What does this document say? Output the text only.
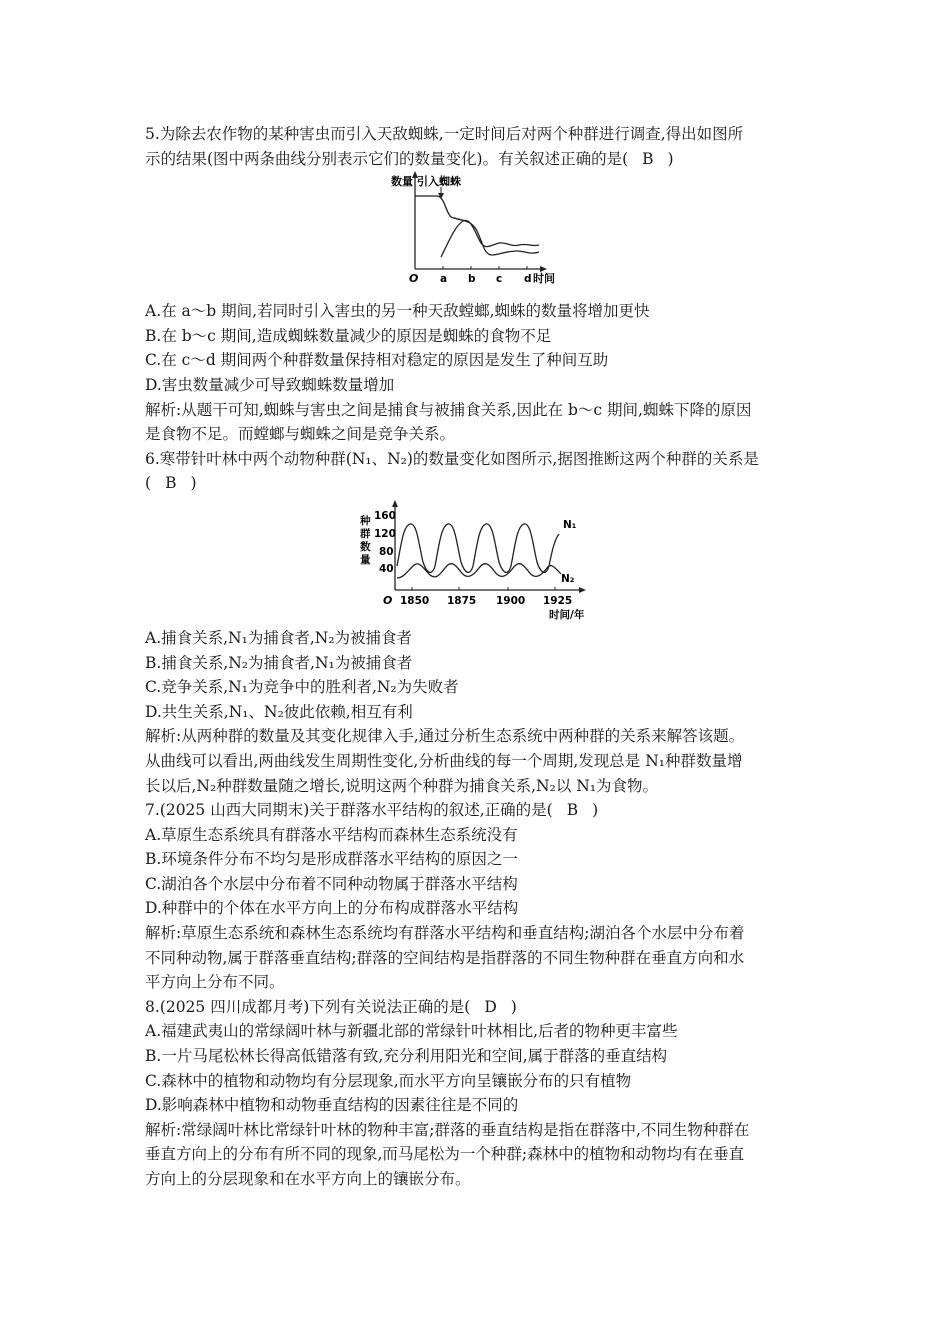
5.为除去农作物的某种害虫而引入天敌蜘蛛,一定时间后对两个种群进行调查,得出如图所
示的结果(图中两条曲线分别表示它们的数量变化)。有关叙述正确的是( B )
数量 引入蜘蛛
O a b c d 时间
A.在 a～b 期间,若同时引入害虫的另一种天敌螳螂,蜘蛛的数量将增加更快
B.在 b～c 期间,造成蜘蛛数量减少的原因是蜘蛛的食物不足
C.在 c～d 期间两个种群数量保持相对稳定的原因是发生了种间互助
D.害虫数量减少可导致蜘蛛数量增加
解析:从题干可知,蜘蛛与害虫之间是捕食与被捕食关系,因此在 b～c 期间,蜘蛛下降的原因
是食物不足。而螳螂与蜘蛛之间是竞争关系。
6.寒带针叶林中两个动物种群(N₁、N₂)的数量变化如图所示,据图推断这两个种群的关系是
( B )
种
群
数
量
160
120
80
40
N₁
N₂
O 1850 1875 1900 1925
时间/年
A.捕食关系,N₁为捕食者,N₂为被捕食者
B.捕食关系,N₂为捕食者,N₁为被捕食者
C.竞争关系,N₁为竞争中的胜利者,N₂为失败者
D.共生关系,N₁、N₂彼此依赖,相互有利
解析:从两种群的数量及其变化规律入手,通过分析生态系统中两种群的关系来解答该题。
从曲线可以看出,两曲线发生周期性变化,分析曲线的每一个周期,发现总是 N₁种群数量增
长以后,N₂种群数量随之增长,说明这两个种群为捕食关系,N₂以 N₁为食物。
7.(2025 山西大同期末)关于群落水平结构的叙述,正确的是( B )
A.草原生态系统具有群落水平结构而森林生态系统没有
B.环境条件分布不均匀是形成群落水平结构的原因之一
C.湖泊各个水层中分布着不同种动物属于群落水平结构
D.种群中的个体在水平方向上的分布构成群落水平结构
解析:草原生态系统和森林生态系统均有群落水平结构和垂直结构;湖泊各个水层中分布着
不同种动物,属于群落垂直结构;群落的空间结构是指群落的不同生物种群在垂直方向和水
平方向上分布不同。
8.(2025 四川成都月考)下列有关说法正确的是( D )
A.福建武夷山的常绿阔叶林与新疆北部的常绿针叶林相比,后者的物种更丰富些
B.一片马尾松林长得高低错落有致,充分利用阳光和空间,属于群落的垂直结构
C.森林中的植物和动物均有分层现象,而水平方向呈镶嵌分布的只有植物
D.影响森林中植物和动物垂直结构的因素往往是不同的
解析:常绿阔叶林比常绿针叶林的物种丰富;群落的垂直结构是指在群落中,不同生物种群在
垂直方向上的分布有所不同的现象,而马尾松为一个种群;森林中的植物和动物均有在垂直
方向上的分层现象和在水平方向上的镶嵌分布。
